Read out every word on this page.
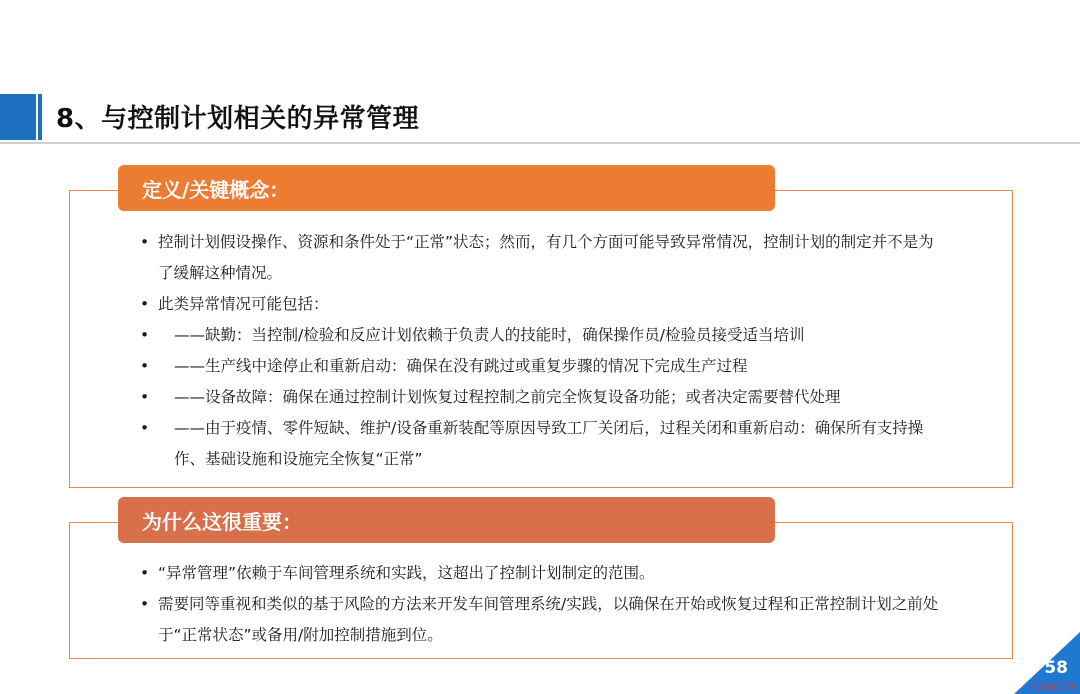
8、与控制计划相关的异常管理
定义/关键概念：
• 控制计划假设操作、资源和条件处于“正常”状态；然而，有几个方面可能导致异常情况，控制计划的制定并不是为了缓解这种情况。
• 此类异常情况可能包括：
• ——缺勤：当控制/检验和反应计划依赖于负责人的技能时，确保操作员/检验员接受适当培训
• ——生产线中途停止和重新启动：确保在没有跳过或重复步骤的情况下完成生产过程
• ——设备故障：确保在通过控制计划恢复过程控制之前完全恢复设备功能；或者决定需要替代处理
• ——由于疫情、零件短缺、维护/设备重新装配等原因导致工厂关闭后，过程关闭和重新启动：确保所有支持操作、基础设施和设施完全恢复“正常”
为什么这很重要：
• “异常管理”依赖于车间管理系统和实践，这超出了控制计划制定的范围。
• 需要同等重视和类似的基于风险的方法来开发车间管理系统/实践，以确保在开始或恢复过程和正常控制计划之前处于“正常状态”或备用/附加控制措施到位。
58
Ctrol.CN
